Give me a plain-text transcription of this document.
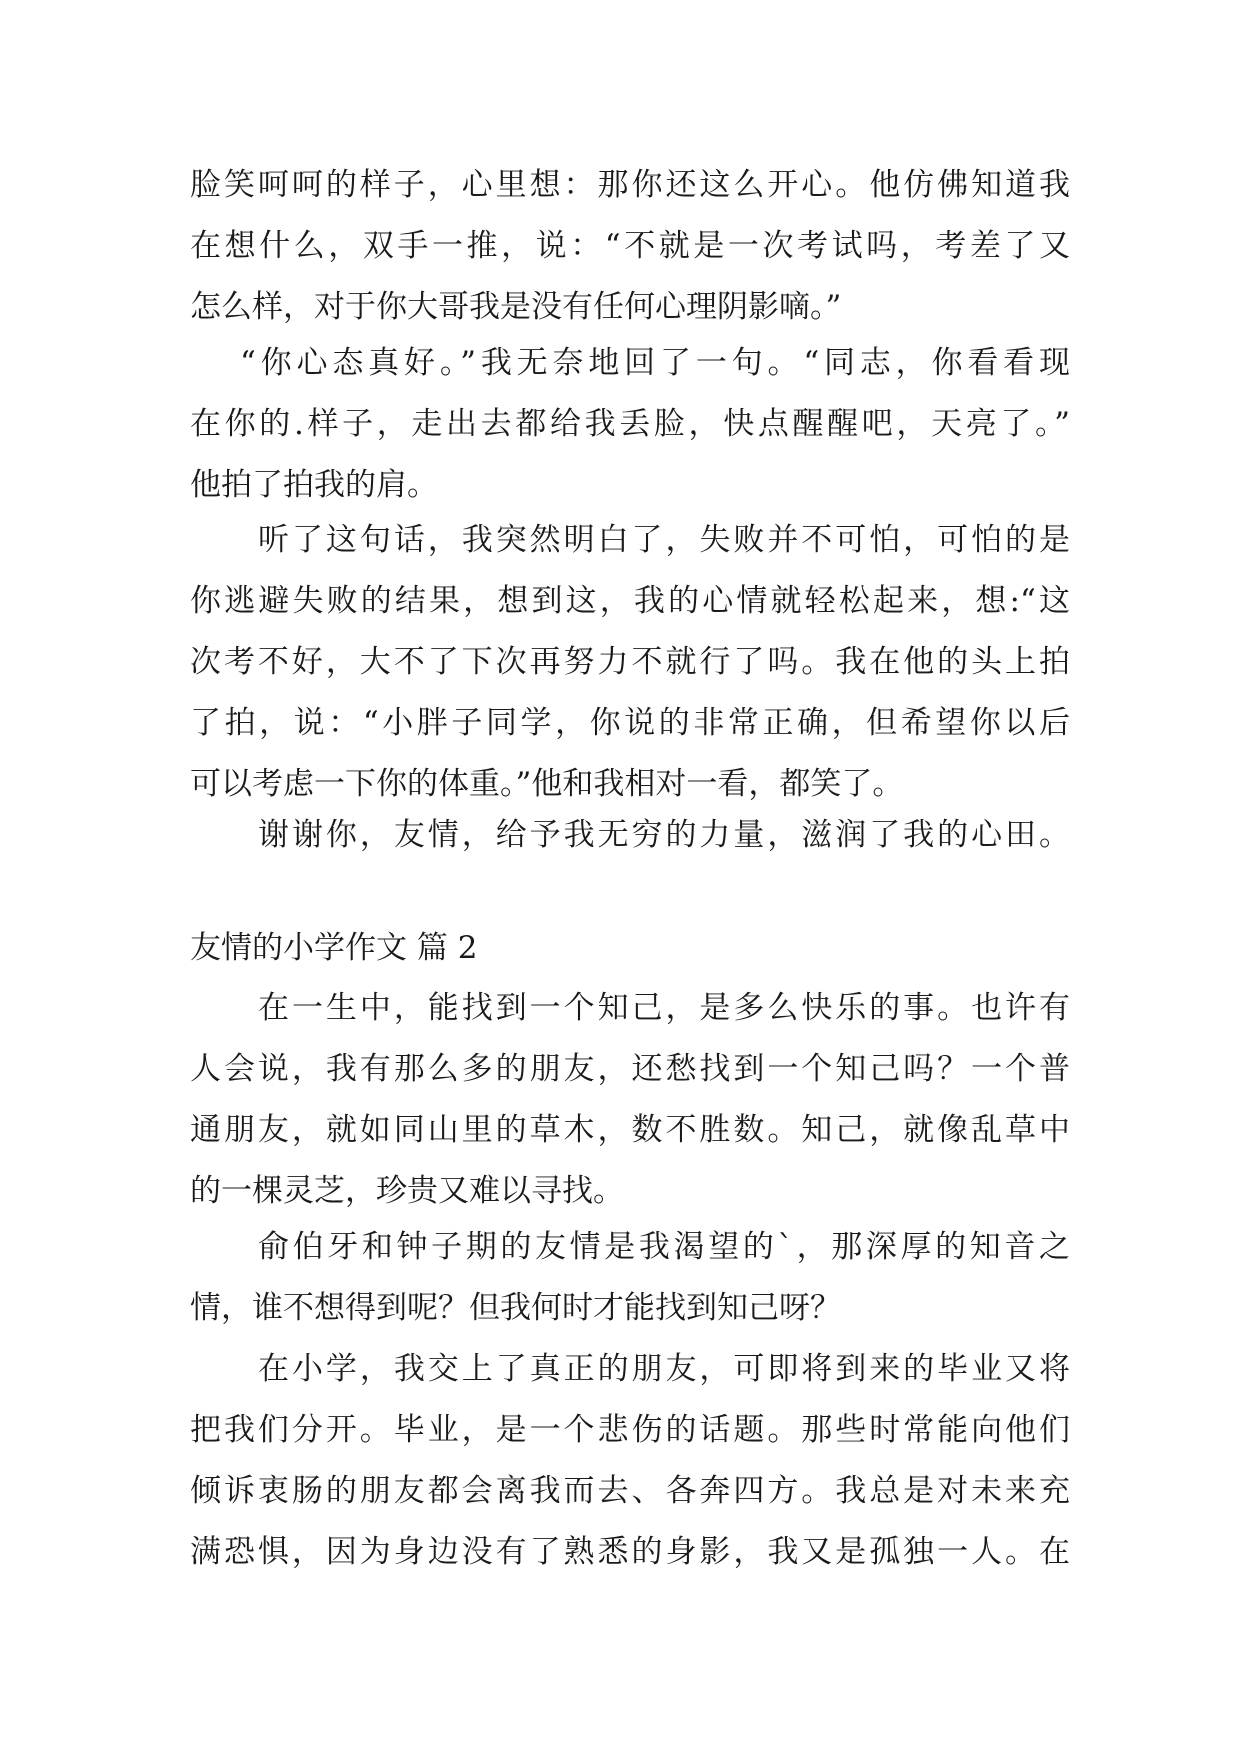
脸笑呵呵的样子，心里想：那你还这么开心。他仿佛知道我
在想什么，双手一推，说：“不就是一次考试吗，考差了又
怎么样，对于你大哥我是没有任何心理阴影嘀。”
“你心态真好。”我无奈地回了一句。“同志，你看看现
在你的.样子，走出去都给我丢脸，快点醒醒吧，天亮了。”
他拍了拍我的肩。
听了这句话，我突然明白了，失败并不可怕，可怕的是
你逃避失败的结果，想到这，我的心情就轻松起来，想:“这
次考不好，大不了下次再努力不就行了吗。我在他的头上拍
了拍，说：“小胖子同学，你说的非常正确，但希望你以后
可以考虑一下你的体重。”他和我相对一看，都笑了。
谢谢你，友情，给予我无穷的力量，滋润了我的心田。
友情的小学作文 篇 2
在一生中，能找到一个知己，是多么快乐的事。也许有
人会说，我有那么多的朋友，还愁找到一个知己吗？一个普
通朋友，就如同山里的草木，数不胜数。知己，就像乱草中
的一棵灵芝，珍贵又难以寻找。
俞伯牙和钟子期的友情是我渴望的`，那深厚的知音之
情，谁不想得到呢？但我何时才能找到知己呀？
在小学，我交上了真正的朋友，可即将到来的毕业又将
把我们分开。毕业，是一个悲伤的话题。那些时常能向他们
倾诉衷肠的朋友都会离我而去、各奔四方。我总是对未来充
满恐惧，因为身边没有了熟悉的身影，我又是孤独一人。在
